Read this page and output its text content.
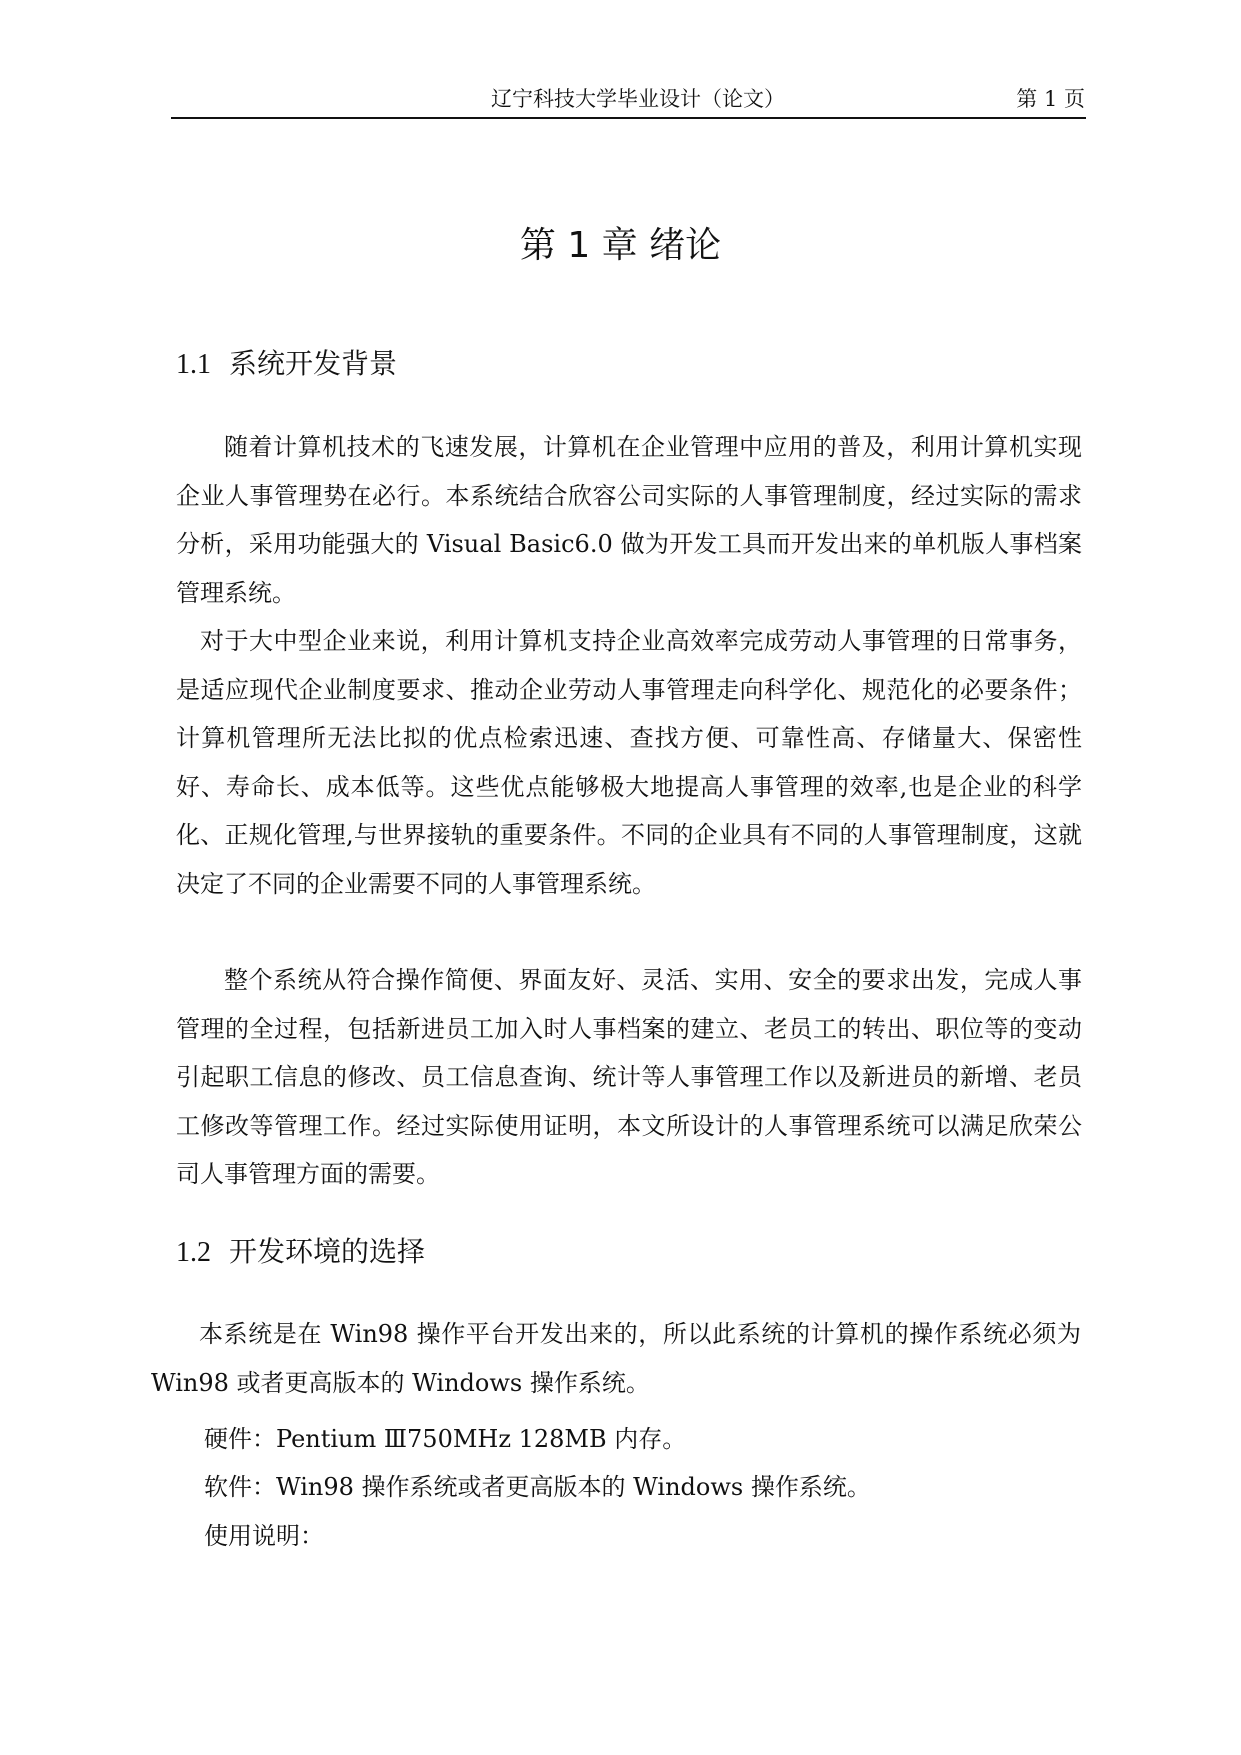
辽宁科技大学毕业设计（论文）	第 1 页
第 1 章 绪论
1.1 系统开发背景

随着计算机技术的飞速发展，计算机在企业管理中应用的普及，利用计算机实现企业人事管理势在必行。本系统结合欣容公司实际的人事管理制度，经过实际的需求分析，采用功能强大的 Visual Basic6.0 做为开发工具而开发出来的单机版人事档案管理系统。

对于大中型企业来说，利用计算机支持企业高效率完成劳动人事管理的日常事务，是适应现代企业制度要求、推动企业劳动人事管理走向科学化、规范化的必要条件；计算机管理所无法比拟的优点检索迅速、查找方便、可靠性高、存储量大、保密性好、寿命长、成本低等。这些优点能够极大地提高人事管理的效率,也是企业的科学化、正规化管理,与世界接轨的重要条件。不同的企业具有不同的人事管理制度，这就决定了不同的企业需要不同的人事管理系统。

整个系统从符合操作简便、界面友好、灵活、实用、安全的要求出发，完成人事管理的全过程，包括新进员工加入时人事档案的建立、老员工的转出、职位等的变动引起职工信息的修改、员工信息查询、统计等人事管理工作以及新进员的新增、老员工修改等管理工作。经过实际使用证明，本文所设计的人事管理系统可以满足欣荣公司人事管理方面的需要。

1.2 开发环境的选择

本系统是在 Win98 操作平台开发出来的，所以此系统的计算机的操作系统必须为 Win98 或者更高版本的 Windows 操作系统。

硬件：Pentium Ⅲ750MHz 128MB 内存。
软件：Win98 操作系统或者更高版本的 Windows 操作系统。
使用说明：
